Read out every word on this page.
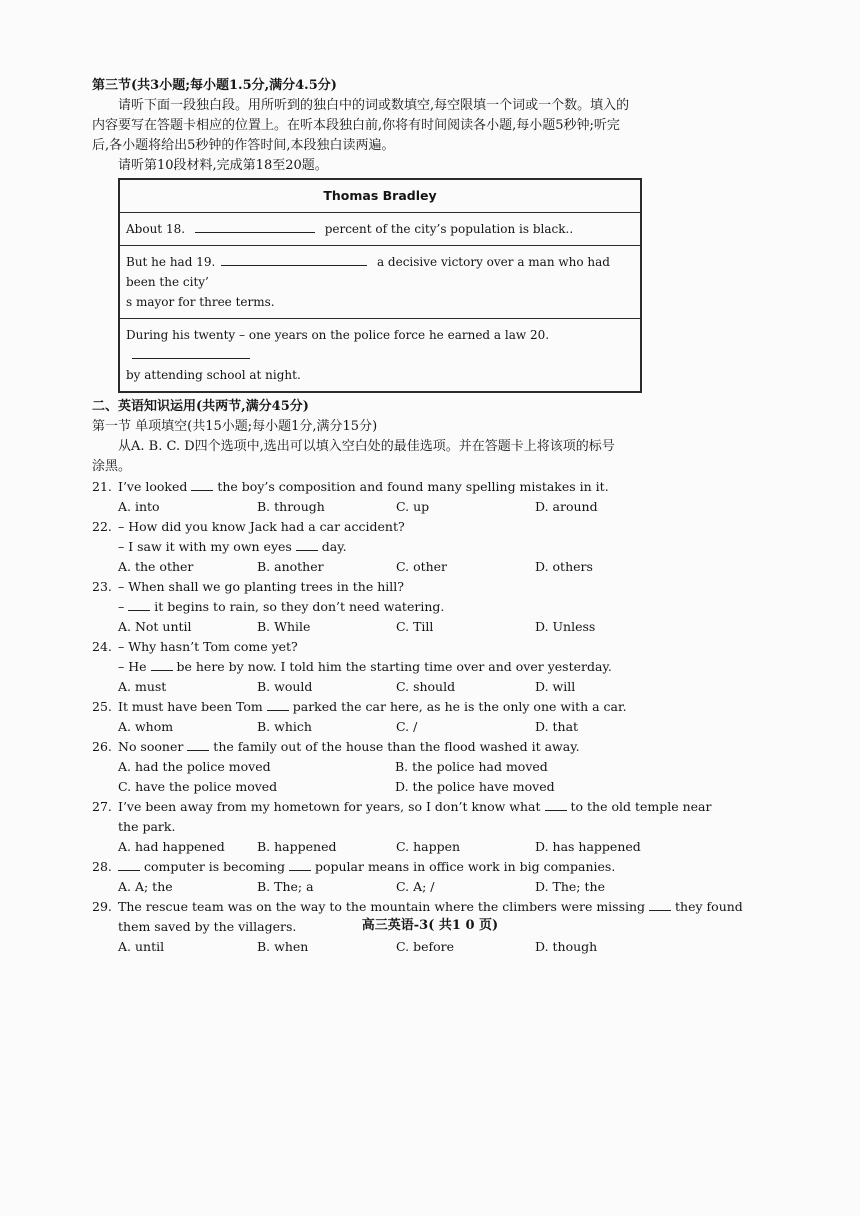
第三节(共3小题;每小题1.5分,满分4.5分)
请听下面一段独白段。用所听到的独白中的词或数填空,每空限填一个词或一个数。填入的
内容要写在答题卡相应的位置上。在听本段独白前,你将有时间阅读各小题,每小题5秒钟;听完
后,各小题将给出5秒钟的作答时间,本段独白读两遍。
请听第10段材料,完成第18至20题。
Thomas Bradley
About 18.	percent of the city’s population is black..
But he had 19.	a decisive victory over a man who had been the city’
s mayor for three terms.
During his twenty – one years on the police force he earned a law 20.
by attending school at night.
二、英语知识运用(共两节,满分45分)
第一节 单项填空(共15小题;每小题1分,满分15分)
从A. B. C. D四个选项中,选出可以填入空白处的最佳选项。并在答题卡上将该项的标号
涂黑。
21. I’ve looked the boy’s composition and found many spelling mistakes in it.
A. into	B. through	C. up	D. around
22. – How did you know Jack had a car accident?
– I saw it with my own eyes day.
A. the other	B. another	C. other	D. others
23. – When shall we go planting trees in the hill?
– it begins to rain, so they don’t need watering.
A. Not until	B. While	C. Till	D. Unless
24. – Why hasn’t Tom come yet?
– He be here by now. I told him the starting time over and over yesterday.
A. must	B. would	C. should	D. will
25. It must have been Tom parked the car here, as he is the only one with a car.
A. whom	B. which	C. /	D. that
26. No sooner the family out of the house than the flood washed it away.
A. had the police moved	B. the police had moved
C. have the police moved	D. the police have moved
27. I’ve been away from my hometown for years, so I don’t know what to the old temple near
the park.
A. had happened	B. happened	C. happen	D. has happened
28.	computer is becoming popular means in office work in big companies.
A. A; the	B. The; a	C. A; /	D. The; the
29. The rescue team was on the way to the mountain where the climbers were missing they found
them saved by the villagers.
A. until	B. when	C. before	D. though
高三英语-3( 共1 0 页)
